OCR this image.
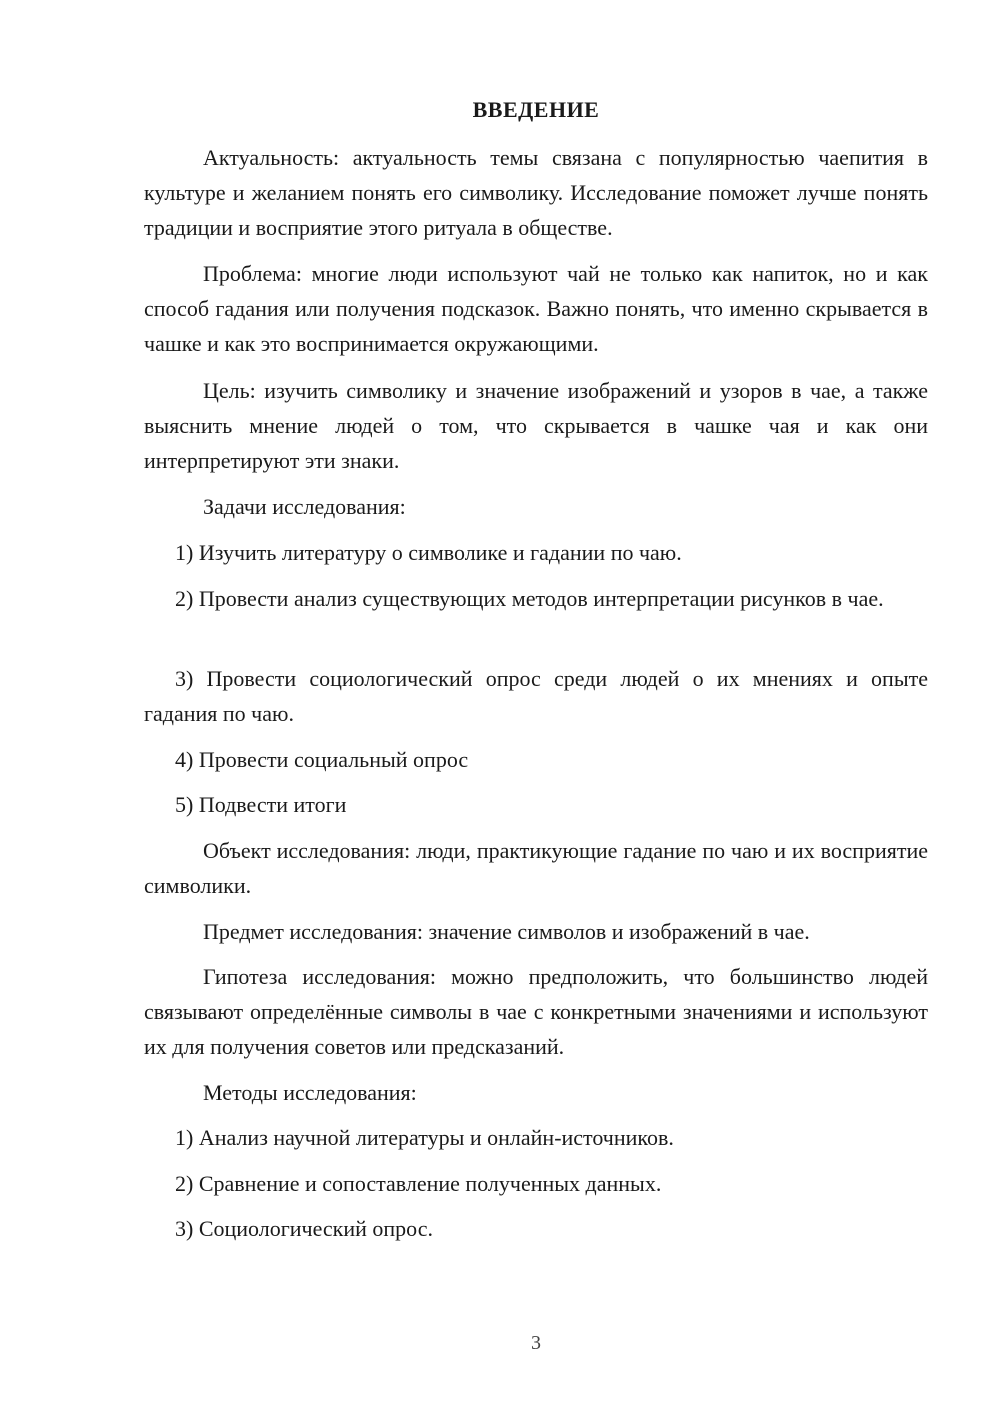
ВВЕДЕНИЕ

Актуальность: актуальность темы связана с популярностью чаепития в культуре и желанием понять его символику. Исследование поможет лучше понять традиции и восприятие этого ритуала в обществе.

Проблема: многие люди используют чай не только как напиток, но и как способ гадания или получения подсказок. Важно понять, что именно скрывается в чашке и как это воспринимается окружающими.

Цель: изучить символику и значение изображений и узоров в чае, а также выяснить мнение людей о том, что скрывается в чашке чая и как они интерпретируют эти знаки.

Задачи исследования:

1) Изучить литературу о символике и гадании по чаю.

2) Провести анализ существующих методов интерпретации рисунков в чае.

3) Провести социологический опрос среди людей о их мнениях и опыте гадания по чаю.

4) Провести социальный опрос

5) Подвести итоги

Объект исследования: люди, практикующие гадание по чаю и их восприятие символики.

Предмет исследования: значение символов и изображений в чае.

Гипотеза исследования: можно предположить, что большинство людей связывают определённые символы в чае с конкретными значениями и используют их для получения советов или предсказаний.

Методы исследования:

1) Анализ научной литературы и онлайн-источников.

2) Сравнение и сопоставление полученных данных.

3) Социологический опрос.

3
